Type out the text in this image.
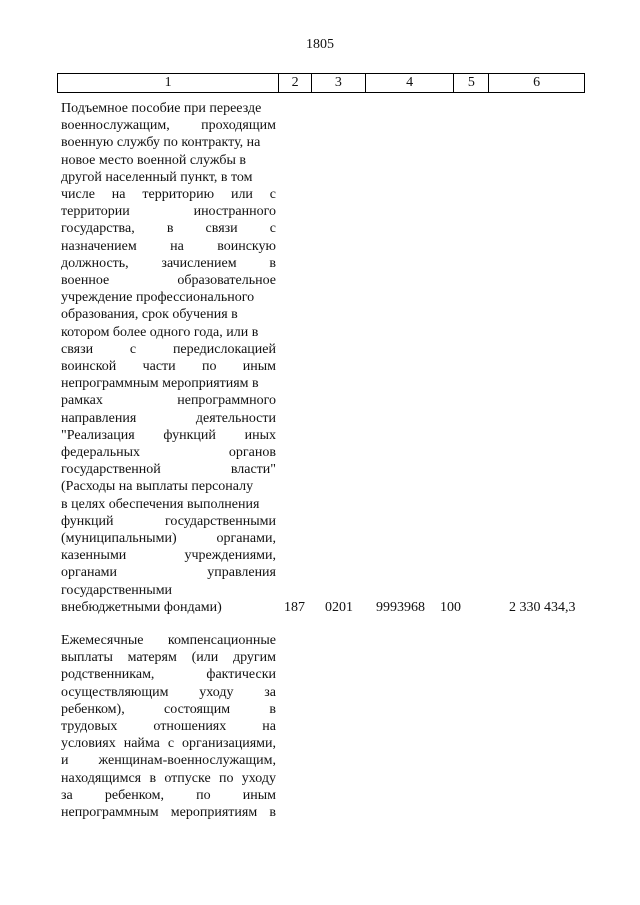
1805
1	2	3	4	5	6
Подъемное пособие при переезде
военнослужащим, проходящим
военную службу по контракту, на
новое место военной службы в
другой населенный пункт, в том
числе на территорию или с
территории иностранного
государства, в связи с
назначением на воинскую
должность, зачислением в
военное образовательное
учреждение профессионального
образования, срок обучения в
котором более одного года, или в
связи с передислокацией
воинской части по иным
непрограммным мероприятиям в
рамках непрограммного
направления деятельности
"Реализация функций иных
федеральных органов
государственной власти"
(Расходы на выплаты персоналу
в целях обеспечения выполнения
функций государственными
(муниципальными) органами,
казенными учреждениями,
органами управления
государственными
внебюджетными фондами)	187 0201 9993968 100	2 330 434,3
Ежемесячные компенсационные
выплаты матерям (или другим
родственникам, фактически
осуществляющим уходу за
ребенком), состоящим в
трудовых отношениях на
условиях найма с организациями,
и женщинам-военнослужащим,
находящимся в отпуске по уходу
за ребенком, по иным
непрограммным мероприятиям в
